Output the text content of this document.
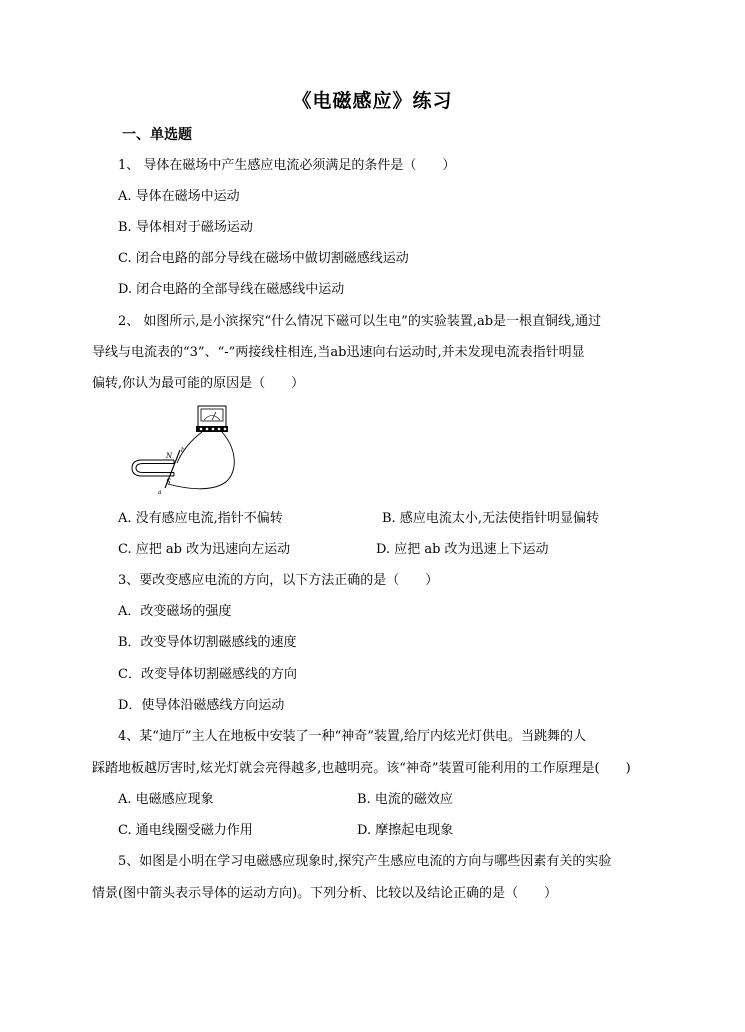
《电磁感应》练习
一、单选题
1、 导体在磁场中产生感应电流必须满足的条件是（　　）
A. 导体在磁场中运动
B. 导体相对于磁场运动
C. 闭合电路的部分导线在磁场中做切割磁感线运动
D. 闭合电路的全部导线在磁感线中运动
2、 如图所示,是小滨探究“什么情况下磁可以生电”的实验装置,ab是一根直铜线,通过
导线与电流表的“3”、“-”两接线柱相连,当ab迅速向右运动时,并未发现电流表指针明显
偏转,你认为最可能的原因是（　　）
N
S
b
a
A. 没有感应电流,指针不偏转	B. 感应电流太小,无法使指针明显偏转
C. 应把 ab 改为迅速向左运动	D. 应把 ab 改为迅速上下运动
3、要改变感应电流的方向，以下方法正确的是（　　）
A．改变磁场的强度
B．改变导体切割磁感线的速度
C．改变导体切割磁感线的方向
D．使导体沿磁感线方向运动
4、某“迪厅”主人在地板中安装了一种“神奇”装置,给厅内炫光灯供电。当跳舞的人
踩踏地板越厉害时,炫光灯就会亮得越多,也越明亮。该“神奇”装置可能利用的工作原理是(　　)
A. 电磁感应现象	B. 电流的磁效应
C. 通电线圈受磁力作用	D. 摩擦起电现象
5、如图是小明在学习电磁感应现象时,探究产生感应电流的方向与哪些因素有关的实验
情景(图中箭头表示导体的运动方向)。下列分析、比较以及结论正确的是（　　）
